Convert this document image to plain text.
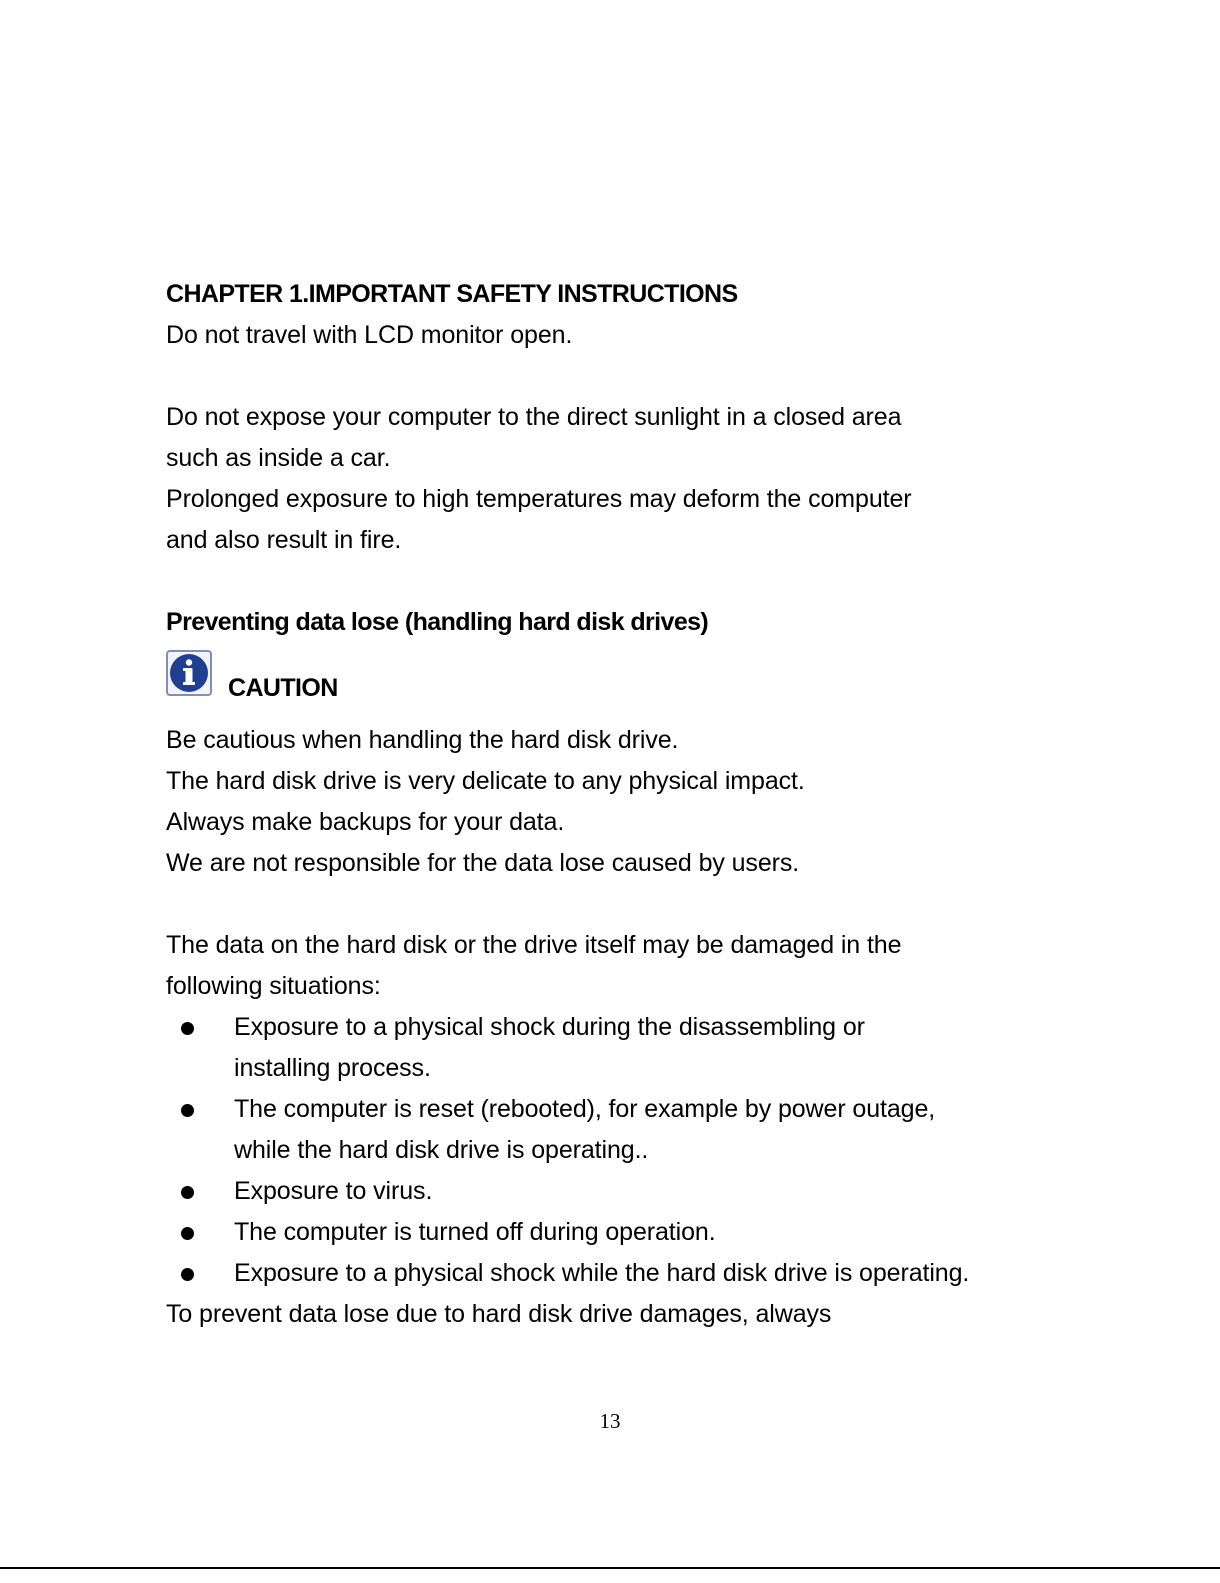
CHAPTER 1.IMPORTANT SAFETY INSTRUCTIONS
Do not travel with LCD monitor open.
Do not expose your computer to the direct sunlight in a closed area
such as inside a car.
Prolonged exposure to high temperatures may deform the computer
and also result in fire.
Preventing data lose (handling hard disk drives)
CAUTION
Be cautious when handling the hard disk drive.
The hard disk drive is very delicate to any physical impact.
Always make backups for your data.
We are not responsible for the data lose caused by users.
The data on the hard disk or the drive itself may be damaged in the
following situations:
Exposure to a physical shock during the disassembling or
installing process.
The computer is reset (rebooted), for example by power outage,
while the hard disk drive is operating..
Exposure to virus.
The computer is turned off during operation.
Exposure to a physical shock while the hard disk drive is operating.
To prevent data lose due to hard disk drive damages, always
13
